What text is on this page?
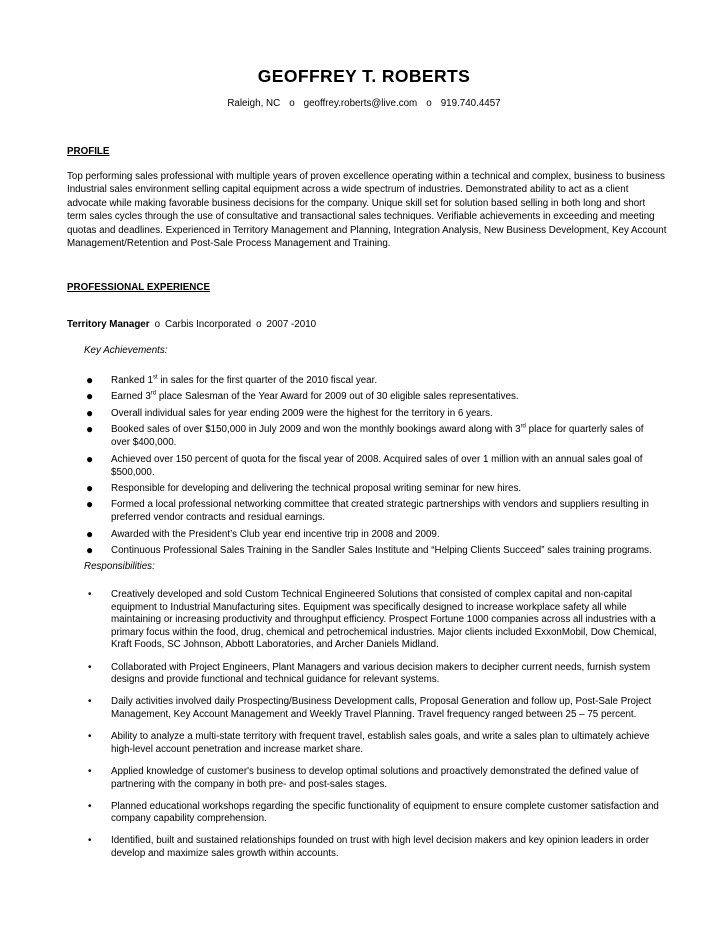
GEOFFREY T. ROBERTS
Raleigh, NC o geoffrey.roberts@live.com o 919.740.4457
PROFILE
Top performing sales professional with multiple years of proven excellence operating within a technical and complex, business to business Industrial sales environment selling capital equipment across a wide spectrum of industries. Demonstrated ability to act as a client advocate while making favorable business decisions for the company. Unique skill set for solution based selling in both long and short term sales cycles through the use of consultative and transactional sales techniques. Verifiable achievements in exceeding and meeting quotas and deadlines. Experienced in Territory Management and Planning, Integration Analysis, New Business Development, Key Account Management/Retention and Post-Sale Process Management and Training.
PROFESSIONAL EXPERIENCE
Territory Manager o Carbis Incorporated o 2007 -2010
Key Achievements:
● Ranked 1st in sales for the first quarter of the 2010 fiscal year.
● Earned 3rd place Salesman of the Year Award for 2009 out of 30 eligible sales representatives.
● Overall individual sales for year ending 2009 were the highest for the territory in 6 years.
● Booked sales of over $150,000 in July 2009 and won the monthly bookings award along with 3rd place for quarterly sales of over $400,000.
● Achieved over 150 percent of quota for the fiscal year of 2008. Acquired sales of over 1 million with an annual sales goal of $500,000.
● Responsible for developing and delivering the technical proposal writing seminar for new hires.
● Formed a local professional networking committee that created strategic partnerships with vendors and suppliers resulting in preferred vendor contracts and residual earnings.
● Awarded with the President’s Club year end incentive trip in 2008 and 2009.
● Continuous Professional Sales Training in the Sandler Sales Institute and “Helping Clients Succeed” sales training programs.
Responsibilities:
• Creatively developed and sold Custom Technical Engineered Solutions that consisted of complex capital and non-capital equipment to Industrial Manufacturing sites. Equipment was specifically designed to increase workplace safety all while maintaining or increasing productivity and throughput efficiency. Prospect Fortune 1000 companies across all industries with a primary focus within the food, drug, chemical and petrochemical industries. Major clients included ExxonMobil, Dow Chemical, Kraft Foods, SC Johnson, Abbott Laboratories, and Archer Daniels Midland.
• Collaborated with Project Engineers, Plant Managers and various decision makers to decipher current needs, furnish system designs and provide functional and technical guidance for relevant systems.
• Daily activities involved daily Prospecting/Business Development calls, Proposal Generation and follow up, Post-Sale Project Management, Key Account Management and Weekly Travel Planning. Travel frequency ranged between 25 – 75 percent.
• Ability to analyze a multi-state territory with frequent travel, establish sales goals, and write a sales plan to ultimately achieve high-level account penetration and increase market share.
• Applied knowledge of customer's business to develop optimal solutions and proactively demonstrated the defined value of partnering with the company in both pre- and post-sales stages.
• Planned educational workshops regarding the specific functionality of equipment to ensure complete customer satisfaction and company capability comprehension.
• Identified, built and sustained relationships founded on trust with high level decision makers and key opinion leaders in order develop and maximize sales growth within accounts.
